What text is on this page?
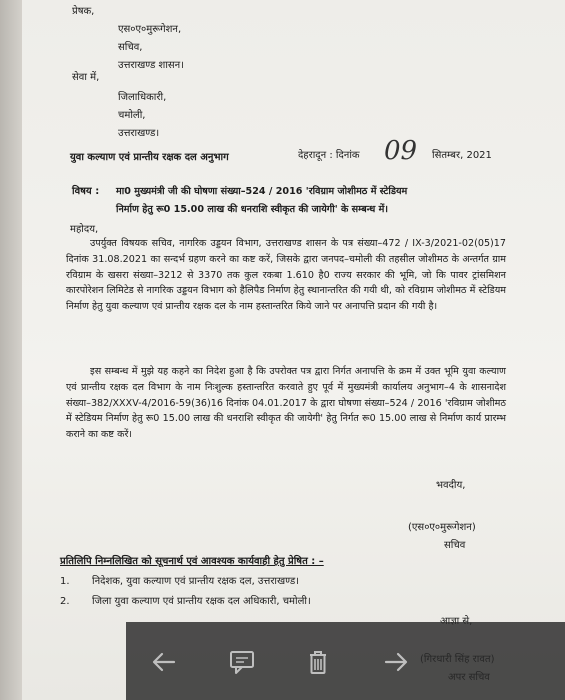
प्रेषक,
एस०ए०मुरूगेशन,
सचिव,
उत्तराखण्ड शासन।
सेवा में,
जिलाधिकारी,
चमोली,
उत्तराखण्ड।
युवा कल्याण एवं प्रान्तीय रक्षक दल अनुभाग	देहरादून : दिनांक 09 सितम्बर, 2021
विषय : मा0 मुख्यमंत्री जी की घोषणा संख्या–524 / 2016 'रविग्राम जोशीमठ में स्टेडियम
निर्माण हेतु रू0 15.00 लाख की धनराशि स्वीकृत की जायेगी' के सम्बन्ध में।
महोदय,
उपर्युक्त विषयक सचिव, नागरिक उड्डयन विभाग, उत्तराखण्ड शासन के पत्र संख्या–472 / IX-3/2021-02(05)17 दिनांक 31.08.2021 का सन्दर्भ ग्रहण करने का कष्ट करें, जिसके द्वारा जनपद–चमोली की तहसील जोशीमठ के अन्तर्गत ग्राम रविग्राम के खसरा संख्या–3212 से 3370 तक कुल रकबा 1.610 है0 राज्य सरकार की भूमि, जो कि पावर ट्रांसमिशन कारपोरेशन लिमिटेड से नागरिक उड्डयन विभाग को हैलिपैड निर्माण हेतु स्थानान्तरित की गयी थी, को रविग्राम जोशीमठ में स्टेडियम निर्माण हेतु युवा कल्याण एवं प्रान्तीय रक्षक दल के नाम हस्तान्तरित किये जाने पर अनापत्ति प्रदान की गयी है।
इस सम्बन्ध में मुझे यह कहने का निदेश हुआ है कि उपरोक्त पत्र द्वारा निर्गत अनापत्ति के क्रम में उक्त भूमि युवा कल्याण एवं प्रान्तीय रक्षक दल विभाग के नाम निःशुल्क हस्तान्तरित करवाते हुए पूर्व में मुख्यमंत्री कार्यालय अनुभाग–4 के शासनादेश संख्या–382/XXXV-4/2016-59(36)16 दिनांक 04.01.2017 के द्वारा घोषणा संख्या–524 / 2016 'रविग्राम जोशीमठ में स्टेडियम निर्माण हेतु रू0 15.00 लाख की धनराशि स्वीकृत की जायेगी' हेतु निर्गत रू0 15.00 लाख से निर्माण कार्य प्रारम्भ कराने का कष्ट करें।
भवदीय,
(एस०ए०मुरूगेशन)
सचिव
प्रतिलिपि निम्नलिखित को सूचनार्थ एवं आवश्यक कार्यवाही हेतु प्रेषित : –
1. निदेशक, युवा कल्याण एवं प्रान्तीय रक्षक दल, उत्तराखण्ड।
2. जिला युवा कल्याण एवं प्रान्तीय रक्षक दल अधिकारी, चमोली।
